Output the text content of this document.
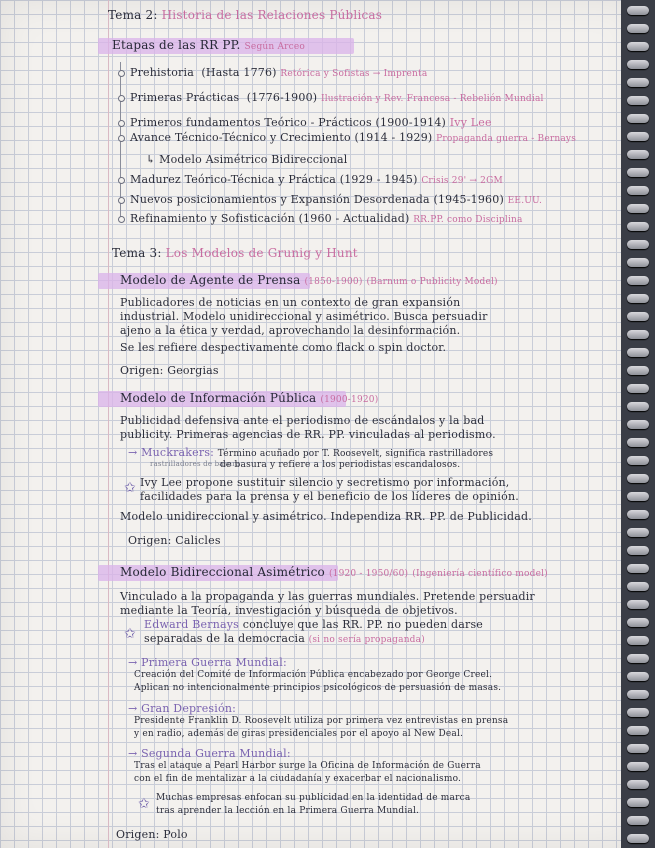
Tema 2: Historia de las Relaciones Públicas
Etapas de las RR PP. Según Arceo
Prehistoria (Hasta 1776) Retórica y Sofistas → Imprenta
Primeras Prácticas (1776-1900) Ilustración y Rev. Francesa - Rebelión Mundial
Primeros fundamentos Teórico - Prácticos (1900-1914) Ivy Lee
Avance Técnico-Técnico y Crecimiento (1914 - 1929) Propaganda guerra - Bernays
↳ Modelo Asimétrico Bidireccional
Madurez Teórico-Técnica y Práctica (1929 - 1945) Crisis 29' → 2GM
Nuevos posicionamientos y Expansión Desordenada (1945-1960) EE.UU.
Refinamiento y Sofisticación (1960 - Actualidad) RR.PP. como Disciplina
Tema 3: Los Modelos de Grunig y Hunt
Modelo de Agente de Prensa (1850-1900) (Barnum o Publicity Model)
Publicadores de noticias en un contexto de gran expansión
industrial. Modelo unidireccional y asimétrico. Busca persuadir
ajeno a la ética y verdad, aprovechando la desinformación.
Se les refiere despectivamente como flack o spin doctor.
Origen: Georgias
Modelo de Información Pública (1900-1920)
Publicidad defensiva ante el periodismo de escándalos y la bad
publicity. Primeras agencias de RR. PP. vinculadas al periodismo.
→ Muckrakers: Término acuñado por T. Roosevelt, significa rastrilladores
rastrilladores de basura
de basura y refiere a los periodistas escandalosos.
✩ Ivy Lee propone sustituir silencio y secretismo por información,
facilidades para la prensa y el beneficio de los líderes de opinión.
Modelo unidireccional y asimétrico. Independiza RR. PP. de Publicidad.
Origen: Calicles
Modelo Bidireccional Asimétrico (1920 - 1950/60) (Ingeniería científico model)
Vinculado a la propaganda y las guerras mundiales. Pretende persuadir
mediante la Teoría, investigación y búsqueda de objetivos.
✩
Edward Bernays concluye que las RR. PP. no pueden darse
separadas de la democracia (si no sería propaganda)
→ Primera Guerra Mundial:
Creación del Comité de Información Pública encabezado por George Creel.
Aplican no intencionalmente principios psicológicos de persuasión de masas.
→ Gran Depresión:
Presidente Franklin D. Roosevelt utiliza por primera vez entrevistas en prensa
y en radio, además de giras presidenciales por el apoyo al New Deal.
→ Segunda Guerra Mundial:
Tras el ataque a Pearl Harbor surge la Oficina de Información de Guerra
con el fin de mentalizar a la ciudadanía y exacerbar el nacionalismo.
✩ Muchas empresas enfocan su publicidad en la identidad de marca
tras aprender la lección en la Primera Guerra Mundial.
Origen: Polo
